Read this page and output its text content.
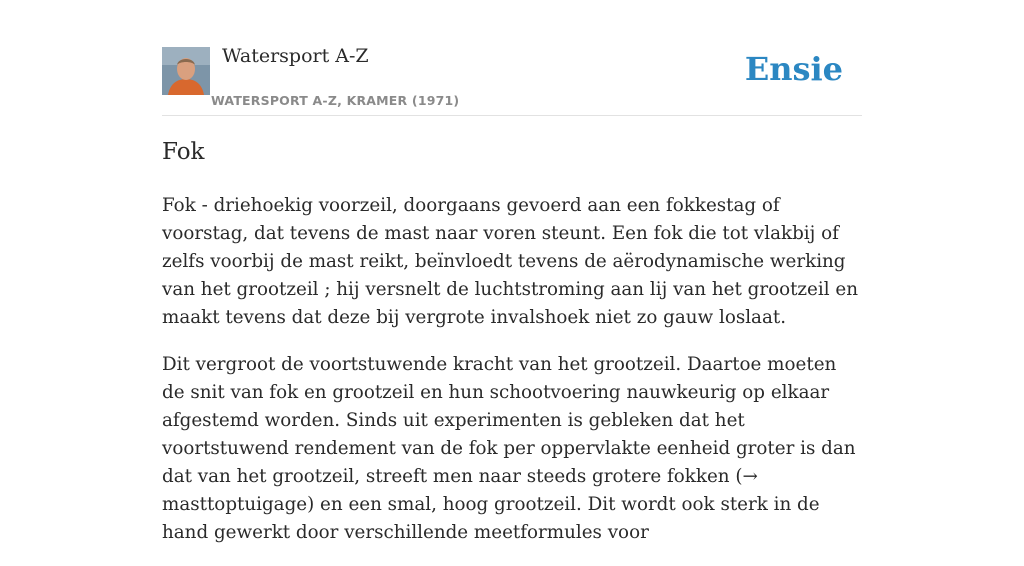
Watersport A-Z
WATERSPORT A-Z, KRAMER (1971)
Ensie
Fok

Fok - driehoekig voorzeil, doorgaans gevoerd aan een fokkestag of voorstag, dat tevens de mast naar voren steunt. Een fok die tot vlakbij of zelfs voorbij de mast reikt, beïnvloedt tevens de aërodynamische werking van het grootzeil ; hij versnelt de luchtstroming aan lij van het grootzeil en maakt tevens dat deze bij vergrote invalshoek niet zo gauw loslaat.

Dit vergroot de voortstuwende kracht van het grootzeil. Daartoe moeten de snit van fok en grootzeil en hun schootvoering nauwkeurig op elkaar afgestemd worden. Sinds uit experimenten is gebleken dat het voortstuwend rendement van de fok per oppervlakte eenheid groter is dan dat van het grootzeil, streeft men naar steeds grotere fokken (→ masttoptuigage) en een smal, hoog grootzeil. Dit wordt ook sterk in de hand gewerkt door verschillende meetformules voor
